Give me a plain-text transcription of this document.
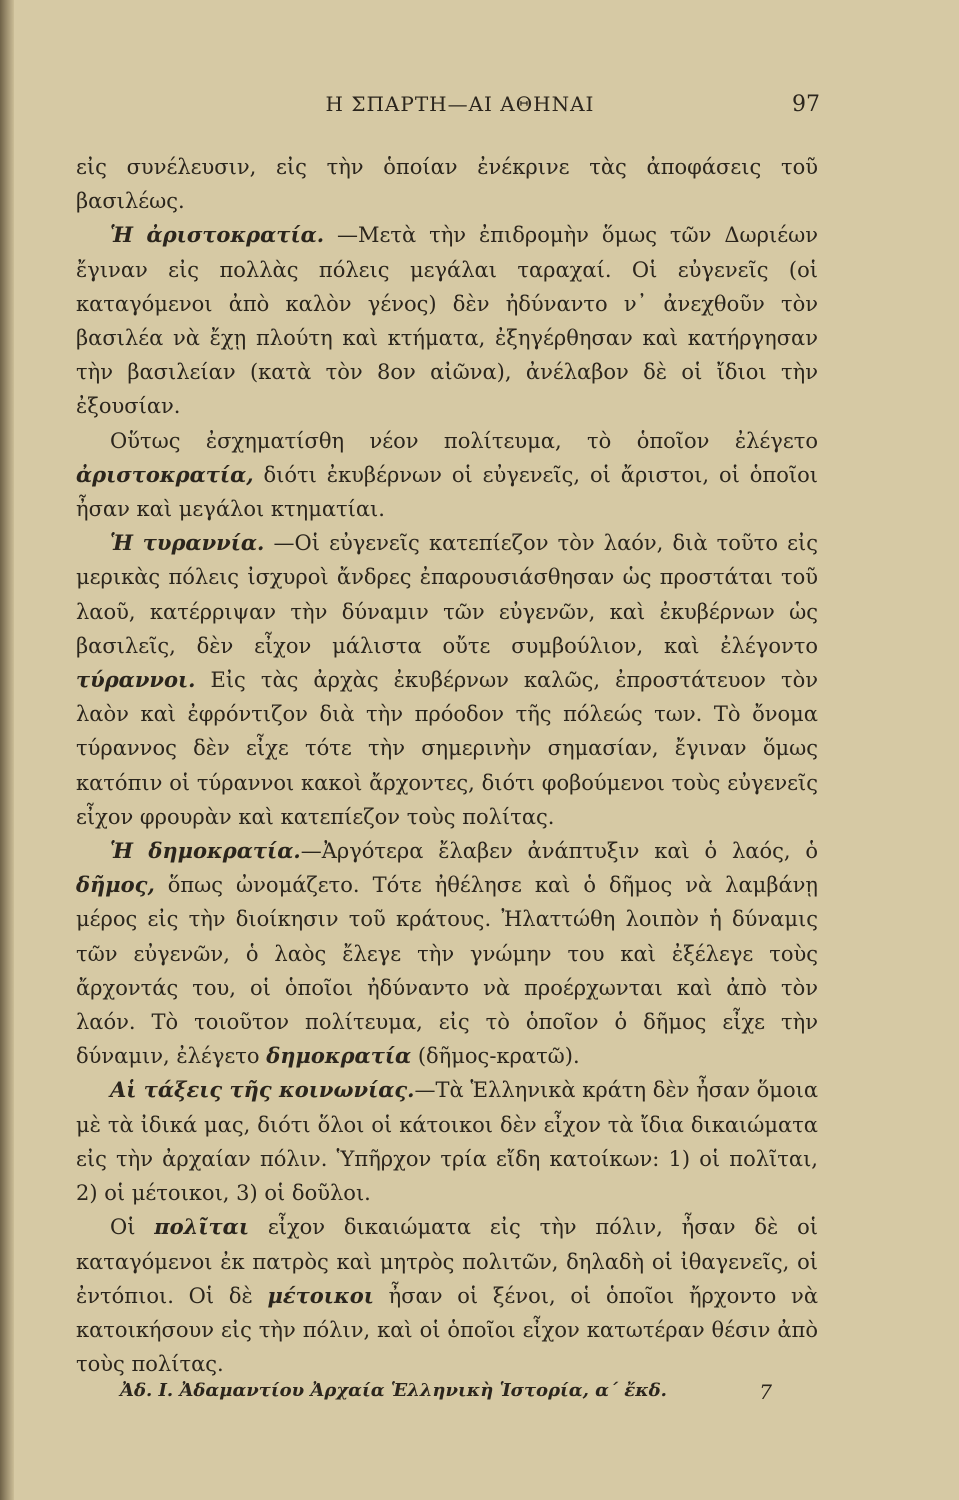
Η ΣΠΑΡΤΗ—ΑΙ ΑΘΗΝΑΙ	97

εἰς συνέλευσιν, εἰς τὴν ὁποίαν ἐνέκρινε τὰς ἀποφάσεις τοῦ βασιλέως.

Ἡ ἀριστοκρατία. —Μετὰ τὴν ἐπιδρομὴν ὅμως τῶν Δωριέων ἔγιναν εἰς πολλὰς πόλεις μεγάλαι ταραχαί. Οἱ εὐγενεῖς (οἱ καταγόμενοι ἀπὸ καλὸν γένος) δὲν ἠδύναντο ν᾽ ἀνεχθοῦν τὸν βασιλέα νὰ ἔχῃ πλούτη καὶ κτήματα, ἐξηγέρθησαν καὶ κατήργησαν τὴν βασιλείαν (κατὰ τὸν 8ον αἰῶνα), ἀνέλαβον δὲ οἱ ἴδιοι τὴν ἐξουσίαν.

Οὕτως ἐσχηματίσθη νέον πολίτευμα, τὸ ὁποῖον ἐλέγετο ἀριστοκρατία, διότι ἐκυβέρνων οἱ εὐγενεῖς, οἱ ἄριστοι, οἱ ὁποῖοι ἦσαν καὶ μεγάλοι κτηματίαι.

Ἡ τυραννία. —Οἱ εὐγενεῖς κατεπίεζον τὸν λαόν, διὰ τοῦτο εἰς μερικὰς πόλεις ἰσχυροὶ ἄνδρες ἐπαρουσιάσθησαν ὡς προστάται τοῦ λαοῦ, κατέρριψαν τὴν δύναμιν τῶν εὐγενῶν, καὶ ἐκυβέρνων ὡς βασιλεῖς, δὲν εἶχον μάλιστα οὔτε συμβούλιον, καὶ ἐλέγοντο τύραννοι. Εἰς τὰς ἀρχὰς ἐκυβέρνων καλῶς, ἐπροστάτευον τὸν λαὸν καὶ ἐφρόντιζον διὰ τὴν πρόοδον τῆς πόλεώς των. Τὸ ὄνομα τύραννος δὲν εἶχε τότε τὴν σημερινὴν σημασίαν, ἔγιναν ὅμως κατόπιν οἱ τύραννοι κακοὶ ἄρχοντες, διότι φοβούμενοι τοὺς εὐγενεῖς εἶχον φρουρὰν καὶ κατεπίεζον τοὺς πολίτας.

Ἡ δημοκρατία.—Ἀργότερα ἔλαβεν ἀνάπτυξιν καὶ ὁ λαός, ὁ δῆμος, ὅπως ὠνομάζετο. Τότε ἠθέλησε καὶ ὁ δῆμος νὰ λαμβάνῃ μέρος εἰς τὴν διοίκησιν τοῦ κράτους. Ἠλαττώθη λοιπὸν ἡ δύναμις τῶν εὐγενῶν, ὁ λαὸς ἔλεγε τὴν γνώμην του καὶ ἐξέλεγε τοὺς ἄρχοντάς του, οἱ ὁποῖοι ἠδύναντο νὰ προέρχωνται καὶ ἀπὸ τὸν λαόν. Τὸ τοιοῦτον πολίτευμα, εἰς τὸ ὁποῖον ὁ δῆμος εἶχε τὴν δύναμιν, ἐλέγετο δημοκρατία (δῆμος-κρατῶ).

Αἱ τάξεις τῆς κοινωνίας.—Τὰ Ἑλληνικὰ κράτη δὲν ἦσαν ὅμοια μὲ τὰ ἰδικά μας, διότι ὅλοι οἱ κάτοικοι δὲν εἶχον τὰ ἴδια δικαιώματα εἰς τὴν ἀρχαίαν πόλιν. Ὑπῆρχον τρία εἴδη κατοίκων: 1) οἱ πολῖται, 2) οἱ μέτοικοι, 3) οἱ δοῦλοι.

Οἱ πολῖται εἶχον δικαιώματα εἰς τὴν πόλιν, ἦσαν δὲ οἱ καταγόμενοι ἐκ πατρὸς καὶ μητρὸς πολιτῶν, δηλαδὴ οἱ ἰθαγενεῖς, οἱ ἐντόπιοι. Οἱ δὲ μέτοικοι ἦσαν οἱ ξένοι, οἱ ὁποῖοι ἤρχοντο νὰ κατοικήσουν εἰς τὴν πόλιν, καὶ οἱ ὁποῖοι εἶχον κατωτέραν θέσιν ἀπὸ τοὺς πολίτας.

Ἀδ. Ι. Ἀδαμαντίου Ἀρχαία Ἑλληνικὴ Ἱστορία, α´ ἔκδ.	7
